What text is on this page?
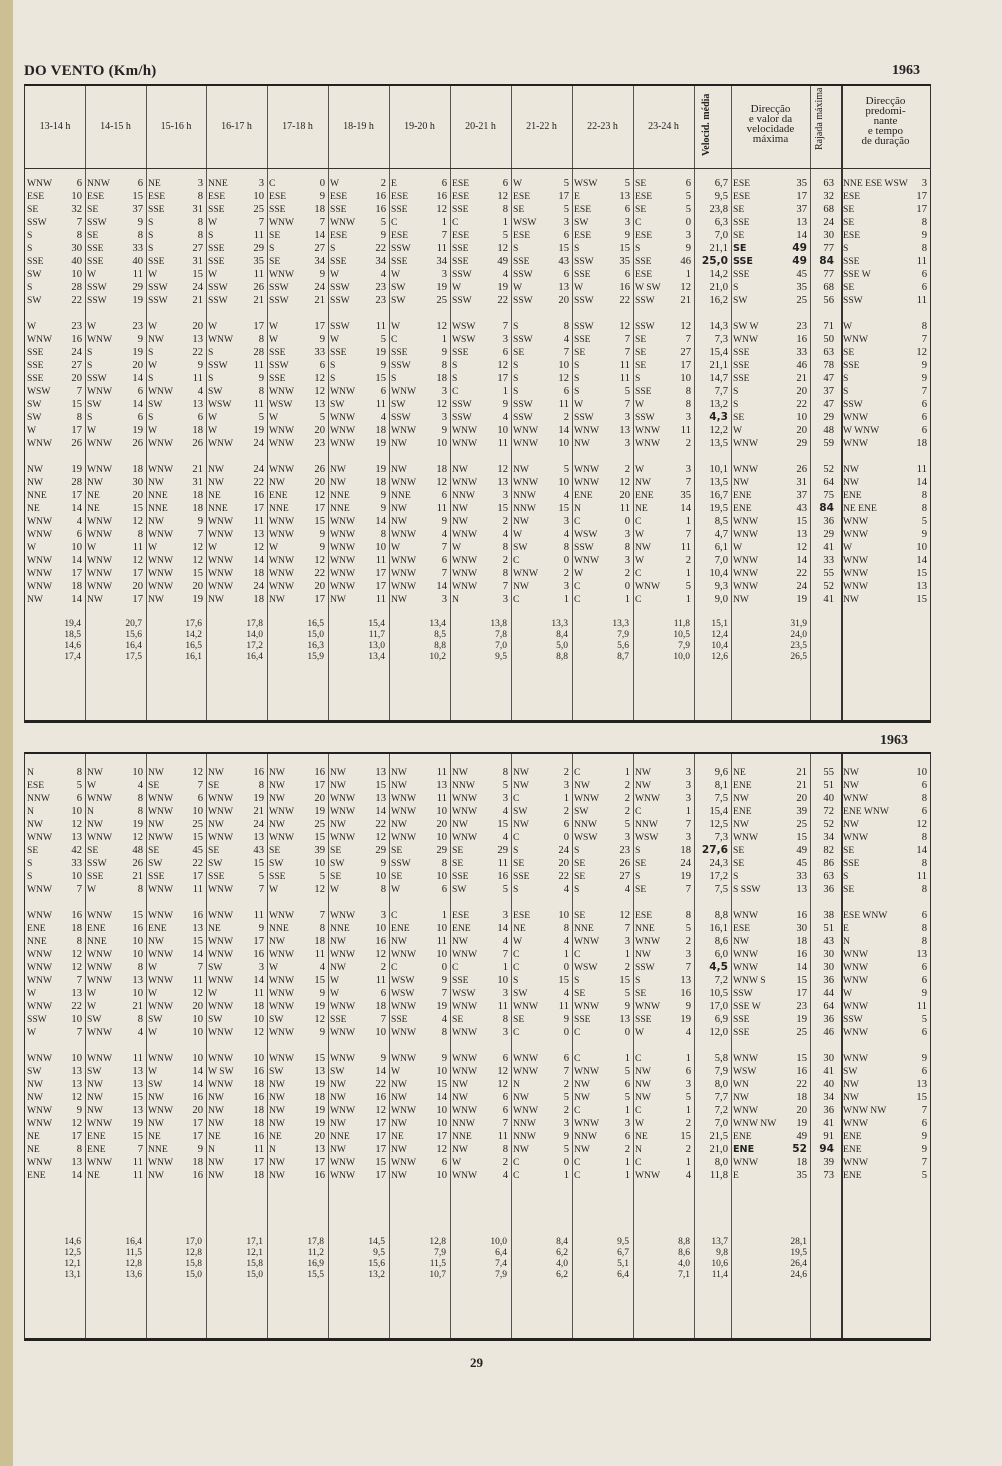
DO VENTO (Km/h)	1963
13-14 h	14-15 h	15-16 h	16-17 h	17-18 h	18-19 h	19-20 h	20-21 h	21-22 h	22-23 h	23-24 h	Velocid. média	Direcção
e valor da
velocidade
máxima	Rajada máxima	Direcção
predomi-
nante
e tempo
de duração
WNW	6 NNW	6 NE	3 NNE	3 C	0 W	2 E	6 ESE	6 W	5 WSW	5 SE	6	6,7 ESE	35	63 NNE ESE WSW	3
ESE	10 ESE	15 ESE	8 ESE	10 ESE	9 ESE	16 ESE	16 ESE	12 ESE	17 E	13 ESE	5	9,5 ESE	17	32 ESE	17
SE	32 SE	37 SSE	31 SSE	25 SSE	18 SSE	16 SSE	12 SSE	8 SE	5 ESE	6 SE	5	23,8 SE	37	68 SE	17
SSW	7 SSW	9 S	8 W	7 WNW	7 WNW	5 C	1 C	1 WSW	3 SW	3 C	0	6,3 SSE	13	24 SE	8
S	8 SE	8 S	8 S	11 SE	14 ESE	9 ESE	7 ESE	5 ESE	6 ESE	9 ESE	3	7,0 SE	14	30 ESE	9
S	30 SSE	33 S	27 SSE	29 S	27 S	22 SSW	11 SSE	12 S	15 S	15 S	9	21,1 SE	49	77 S	8
SSE	40 SSE	40 SSE	31 SSE	35 SE	34 SSE	34 SSE	34 SSE	49 SSE	43 SSW	35 SSE	46	25,0 SSE	49	84 SSE	11
SW	10 W	11 W	15 W	11 WNW	9 W	4 W	3 SSW	4 SSW	6 SSE	6 ESE	1	14,2 SSE	45	77 SSE W	6
S	28 SSW	29 SSW	24 SSW	26 SSW	24 SSW	23 SW	19 W	19 W	13 W	16 W SW	12	21,0 S	35	68 SE	6
SW	22 SSW	19 SSW	21 SSW	21 SSW	21 SSW	23 SW	25 SSW	22 SSW	20 SSW	22 SSW	21	16,2 SW	25	56 SSW	11
W	23 W	23 W	20 W	17 W	17 SSW	11 W	12 WSW	7 S	8 SSW	12 SSW	12	14,3 SW W	23	71 W	8
WNW	16 WNW	9 NW	13 WNW	8 W	9 W	5 C	1 WSW	3 SSW	4 SSE	7 SE	7	7,3 WNW	16	50 WNW	7
SSE	24 S	19 S	22 S	28 SSE	33 SSE	19 SSE	9 SSE	6 SE	7 SE	7 SE	27	15,4 SSE	33	63 SE	12
SSE	27 S	20 W	9 SSW	11 SSW	6 S	9 SSW	8 S	12 S	10 S	11 SE	17	21,1 SSE	46	78 SSE	9
SSE	20 SSW	14 S	11 S	9 SSE	12 S	15 S	18 S	17 S	12 S	11 S	10	14,7 SSE	21	47 S	9
WSW	7 WNW	6 WNW	4 SW	8 WNW	12 WNW	6 WNW	3 C	1 S	6 S	5 SSE	8	7,7 S	20	37 S	7
SW	15 SW	14 SW	13 WSW	11 WSW	13 SW	11 SW	12 SSW	9 SSW	11 W	7 W	8	13,2 S	22	47 SSW	6
SW	8 S	6 S	6 W	5 W	5 WNW	4 SSW	3 SSW	4 SSW	2 SSW	3 SSW	3	4,3 SE	10	29 WNW	6
W	17 W	19 W	18 W	19 WNW	20 WNW	18 WNW	9 WNW	10 WNW	14 WNW	13 WNW	11	12,2 W	20	48 W WNW	6
WNW	26 WNW	26 WNW	26 WNW	24 WNW	23 WNW	19 NW	10 WNW	11 WNW	10 NW	3 WNW	2	13,5 WNW	29	59 WNW	18
NW	19 WNW	18 WNW	21 NW	24 WNW	26 NW	19 NW	18 NW	12 NW	5 WNW	2 W	3	10,1 WNW	26	52 NW	11
NW	28 NW	30 NW	31 NW	22 NW	20 NW	18 WNW	12 WNW	13 WNW	10 WNW	12 NW	7	13,5 NW	31	64 NW	14
NNE	17 NE	20 NNE	18 NE	16 ENE	12 NNE	9 NNE	6 NNW	3 NNW	4 ENE	20 ENE	35	16,7 ENE	37	75 ENE	8
NE	14 NE	15 NNE	18 NNE	17 NNE	17 NNE	9 NW	11 NW	15 NNW	15 N	11 NE	14	19,5 ENE	43	84 NE ENE	8
WNW	4 WNW	12 NW	9 WNW	11 WNW	15 WNW	14 NW	9 NW	2 NW	3 C	0 C	1	8,5 WNW	15	36 WNW	5
WNW	6 WNW	8 WNW	7 WNW	13 WNW	9 WNW	8 WNW	4 WNW	4 W	4 WSW	3 W	7	4,7 WNW	13	29 WNW	9
W	10 W	11 W	12 W	12 W	9 WNW	10 W	7 W	8 SW	8 SSW	8 NW	11	6,1 W	12	41 W	10
WNW	14 WNW	12 WNW	12 WNW	14 WNW	12 WNW	11 WNW	6 WNW	2 C	0 WNW	3 W	2	7,0 WNW	14	33 WNW	14
WNW	17 WNW	17 WNW	15 WNW	18 WNW	22 WNW	17 WNW	7 WNW	8 WNW	2 W	2 C	1	10,4 WNW	22	55 WNW	15
WNW	18 WNW	20 WNW	20 WNW	24 WNW	20 WNW	17 WNW	14 WNW	7 NW	3 C	0 WNW	5	9,3 WNW	24	52 WNW	13
NW	14 NW	17 NW	19 NW	18 NW	17 NW	11 NW	3 N	3 C	1 C	1 C	1	9,0 NW	19	41 NW	15
19,4	20,7	17,6	17,8	16,5	15,4	13,4	13,8	13,3	13,3	11,8	15,1	31,9
18,5	15,6	14,2	14,0	15,0	11,7	8,5	7,8	8,4	7,9	10,5	12,4	24,0
14,6	16,4	16,5	17,2	16,3	13,0	8,8	7,0	5,0	5,6	7,9	10,4	23,5
17,4	17,5	16,1	16,4	15,9	13,4	10,2	9,5	8,8	8,7	10,0	12,6	26,5
1963
N	8 NW	10 NW	12 NW	16 NW	16 NW	13 NW	11 NW	8 NW	2 C	1 NW	3	9,6 NE	21	55 NW	10
ESE	5 W	4 SE	7 SE	8 NW	17 NW	15 NW	13 NNW	5 NW	3 NW	2 NW	3	8,1 ENE	21	51 NW	6
NNW	6 WNW	8 WNW	6 WNW	19 NW	20 WNW	13 WNW	11 WNW	3 C	1 WNW	2 WNW	3	7,5 NW	20	40 WNW	8
N	10 N	8 WNW	10 WNW	21 WNW	19 WNW	14 WNW	10 WNW	4 SW	2 SW	2 C	1	15,4 ENE	39	72 ENE WNW	6
NW	12 NW	19 NW	25 NW	24 NW	25 NW	22 NW	20 NW	15 NW	6 NNW	5 NNW	7	12,5 NW	25	52 NW	12
WNW	13 WNW	12 NWW	15 WNW	13 WNW	15 WNW	12 WNW	10 WNW	4 C	0 WSW	3 WSW	3	7,3 WNW	15	34 WNW	8
SE	42 SE	48 SE	45 SE	43 SE	39 SE	29 SE	29 SE	29 S	24 S	23 S	18	27,6 SE	49	82 SE	14
S	33 SSW	26 SW	22 SW	15 SW	10 SW	9 SSW	8 SE	11 SE	20 SE	26 SE	24	24,3 SE	45	86 SSE	8
S	10 SSE	21 SSE	17 SSE	5 SSE	5 SE	10 SE	10 SSE	16 SSE	22 SE	27 S	19	17,2 S	33	63 S	11
WNW	7 W	8 WNW	11 WNW	7 W	12 W	8 W	6 SW	5 S	4 S	4 SE	7	7,5 S SSW	13	36 SE	8
WNW	16 WNW	15 WNW	16 WNW	11 WNW	7 WNW	3 C	1 ESE	3 ESE	10 SE	12 ESE	8	8,8 WNW	16	38 ESE WNW	6
ENE	18 ENE	16 ENE	13 NE	9 NNE	8 NNE	10 ENE	10 ENE	14 NE	8 NNE	7 NNE	5	16,1 ESE	30	51 E	8
NNE	8 NNE	10 NW	15 WNW	17 NW	18 NW	16 NW	11 NW	4 W	4 WNW	3 WNW	2	8,6 NW	18	43 N	8
WNW	12 WNW	10 WNW	14 WNW	16 WNW	11 WNW	12 WNW	10 WNW	7 C	1 C	1 NW	3	6,0 WNW	16	30 WNW	13
WNW	12 WNW	8 W	7 SW	3 W	4 NW	2 C	0 C	1 C	0 WSW	2 SSW	7	4,5 WNW	14	30 WNW	6
WNW	7 WNW	13 WNW	11 WNW	14 WNW	15 W	11 WSW	9 SSE	10 S	15 S	15 S	13	7,2 WNW S	15	36 WNW	6
W	13 W	10 W	12 W	11 WNW	9 W	6 WSW	7 WSW	3 SW	4 SE	5 SE	16	10,5 SSW	17	44 W	9
WNW	22 W	21 WNW	20 WNW	18 WNW	19 WNW	18 WNW	19 WNW	11 WNW	11 WNW	9 WNW	9	17,0 SSE W	23	64 WNW	11
SSW	10 SW	8 SW	10 SW	10 SW	12 SSE	7 SSE	4 SE	8 SE	9 SSE	13 SSE	19	6,9 SSE	19	36 SSW	5
W	7 WNW	4 W	10 WNW	12 WNW	9 WNW	10 WNW	8 WNW	3 C	0 C	0 W	4	12,0 SSE	25	46 WNW	6
WNW	10 WNW	11 WNW	10 WNW	10 WNW	15 WNW	9 WNW	9 WNW	6 WNW	6 C	1 C	1	5,8 WNW	15	30 WNW	9
SW	13 SW	13 W	14 W SW	16 SW	13 SW	14 W	10 WNW	12 WNW	7 WNW	5 NW	6	7,9 WSW	16	41 SW	6
NW	13 NW	13 SW	14 WNW	18 NW	19 NW	22 NW	15 NW	12 N	2 NW	6 NW	3	8,0 WN	22	40 NW	13
NW	12 NW	15 NW	16 NW	16 NW	18 NW	16 NW	14 NW	6 NW	5 NW	5 NW	5	7,7 NW	18	34 NW	15
WNW	9 NW	13 WNW	20 NW	18 NW	19 WNW	12 WNW	10 WNW	6 WNW	2 C	1 C	1	7,2 WNW	20	36 WNW NW	7
WNW	12 WNW	19 NW	17 NW	18 NW	19 NW	17 NW	10 NNW	7 NNW	3 WNW	3 W	2	7,0 WNW NW	19	41 WNW	6
NE	17 ENE	15 NE	17 NE	16 NE	20 NNE	17 NE	17 NNE	11 NNW	9 NNW	6 NE	15	21,5 ENE	49	91 ENE	9
NE	8 ENE	7 NNE	9 N	11 N	13 NW	17 NW	12 NW	8 NW	5 NW	2 N	2	21,0 ENE	52	94 ENE	9
WNW	13 WNW	11 WNW	18 NW	17 NW	17 WNW	15 WNW	6 W	2 C	0 C	1 C	1	8,0 WNW	18	39 WNW	7
ENE	14 NE	11 NW	16 NW	18 NW	16 WNW	17 NW	10 WNW	4 C	1 C	1 WNW	4	11,8 E	35	73 ENE	5
14,6	16,4	17,0	17,1	17,8	14,5	12,8	10,0	8,4	9,5	8,8	13,7	28,1
12,5	11,5	12,8	12,1	11,2	9,5	7,9	6,4	6,2	6,7	8,6	9,8	19,5
12,1	12,8	15,8	15,8	16,9	15,6	11,5	7,4	4,0	5,1	4,0	10,6	26,4
13,1	13,6	15,0	15,0	15,5	13,2	10,7	7,9	6,2	6,4	7,1	11,4	24,6
29
